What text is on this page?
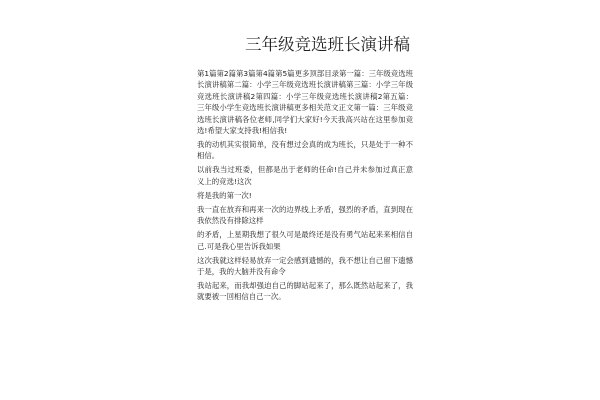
三年级竞选班长演讲稿

第1篇第2篇第3篇第4篇第5篇更多顶部目录第一篇：三年级竞选班长演讲稿第二篇：小学三年级竞选班长演讲稿第三篇：小学三年级竞选班长演讲稿2第四篇：小学三年级竞选班长演讲稿2第五篇：三年级小学生竞选班长演讲稿更多相关范文正文第一篇：三年级竞选班长演讲稿各位老师,同学们大家好!今天我高兴站在这里参加竞选!希望大家支持我!相信我!

我的动机其实很简单，没有想过会真的成为班长，只是处于一种不相信。

以前我当过班委，但都是出于老师的任命!自己并未参加过真正意义上的竞选!这次

将是我的第一次!

我一直在放弃和再来一次的边界线上矛盾，强烈的矛盾，直到现在我依然没有排除这样

的矛盾，上星期我想了很久可是最终还是没有勇气站起来来相信自己.可是我心里告诉我如果

这次我就这样轻易放弃一定会感到遗憾的，我不想让自己留下遗憾于是，我的大脑并没有命令

我站起来，而我却强迫自己的脚站起来了，那么既然站起来了，我就要被一回相信自己一次。
